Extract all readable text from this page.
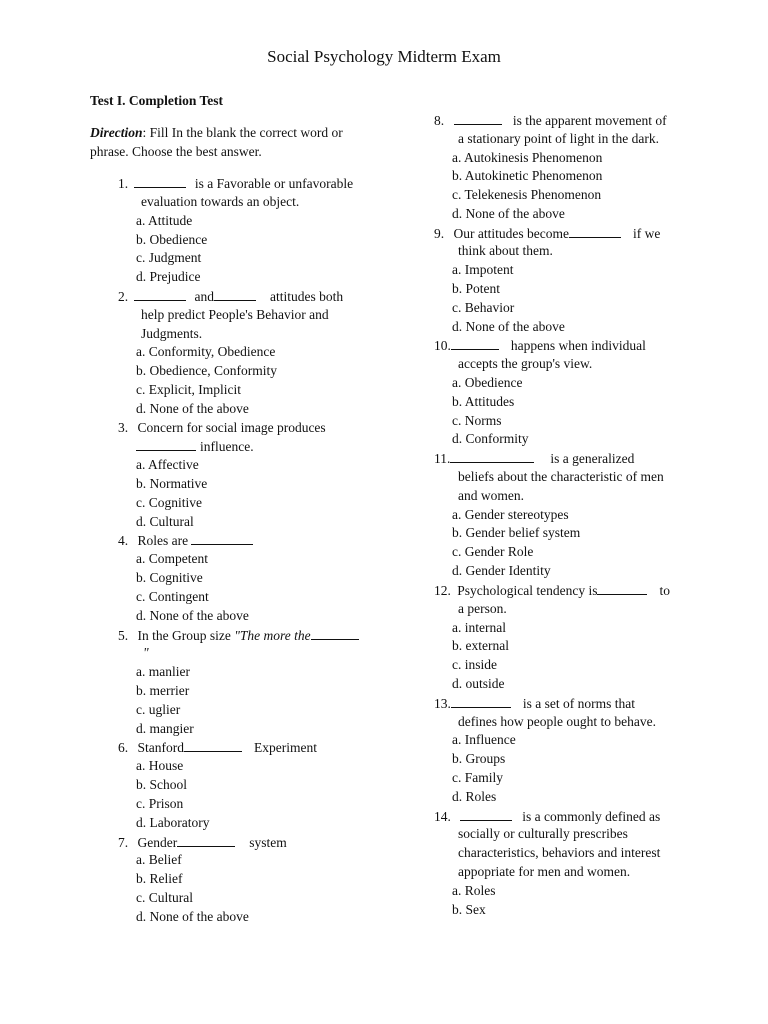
Social Psychology Midterm Exam
Test I. Completion Test
Direction: Fill In the blank the correct word or
phrase. Choose the best answer.
1.	is a Favorable or unfavorable
evaluation towards an object.
a. Attitude
b. Obedience
c. Judgment
d. Prejudice
2.	and	attitudes both
help predict People's Behavior and
Judgments.
a. Conformity, Obedience
b. Obedience, Conformity
c. Explicit, Implicit
d. None of the above
3. Concern for social image produces
influence.
a. Affective
b. Normative
c. Cognitive
d. Cultural
4. Roles are
a. Competent
b. Cognitive
c. Contingent
d. None of the above
5. In the Group size "The more the
"
a. manlier
b. merrier
c. uglier
d. mangier
6. Stanford	Experiment
a. House
b. School
c. Prison
d. Laboratory
7. Gender	system
a. Belief
b. Relief
c. Cultural
d. None of the above
8.	is the apparent movement of
a stationary point of light in the dark.
a. Autokinesis Phenomenon
b. Autokinetic Phenomenon
c. Telekenesis Phenomenon
d. None of the above
9. Our attitudes become	if we
think about them.
a. Impotent
b. Potent
c. Behavior
d. None of the above
10.	happens when individual
accepts the group's view.
a. Obedience
b. Attitudes
c. Norms
d. Conformity
11.	is a generalized
beliefs about the characteristic of men
and women.
a. Gender stereotypes
b. Gender belief system
c. Gender Role
d. Gender Identity
12. Psychological tendency is	to
a person.
a. internal
b. external
c. inside
d. outside
13.	is a set of norms that
defines how people ought to behave.
a. Influence
b. Groups
c. Family
d. Roles
14.	is a commonly defined as
socially or culturally prescribes
characteristics, behaviors and interest
appopriate for men and women.
a. Roles
b. Sex
